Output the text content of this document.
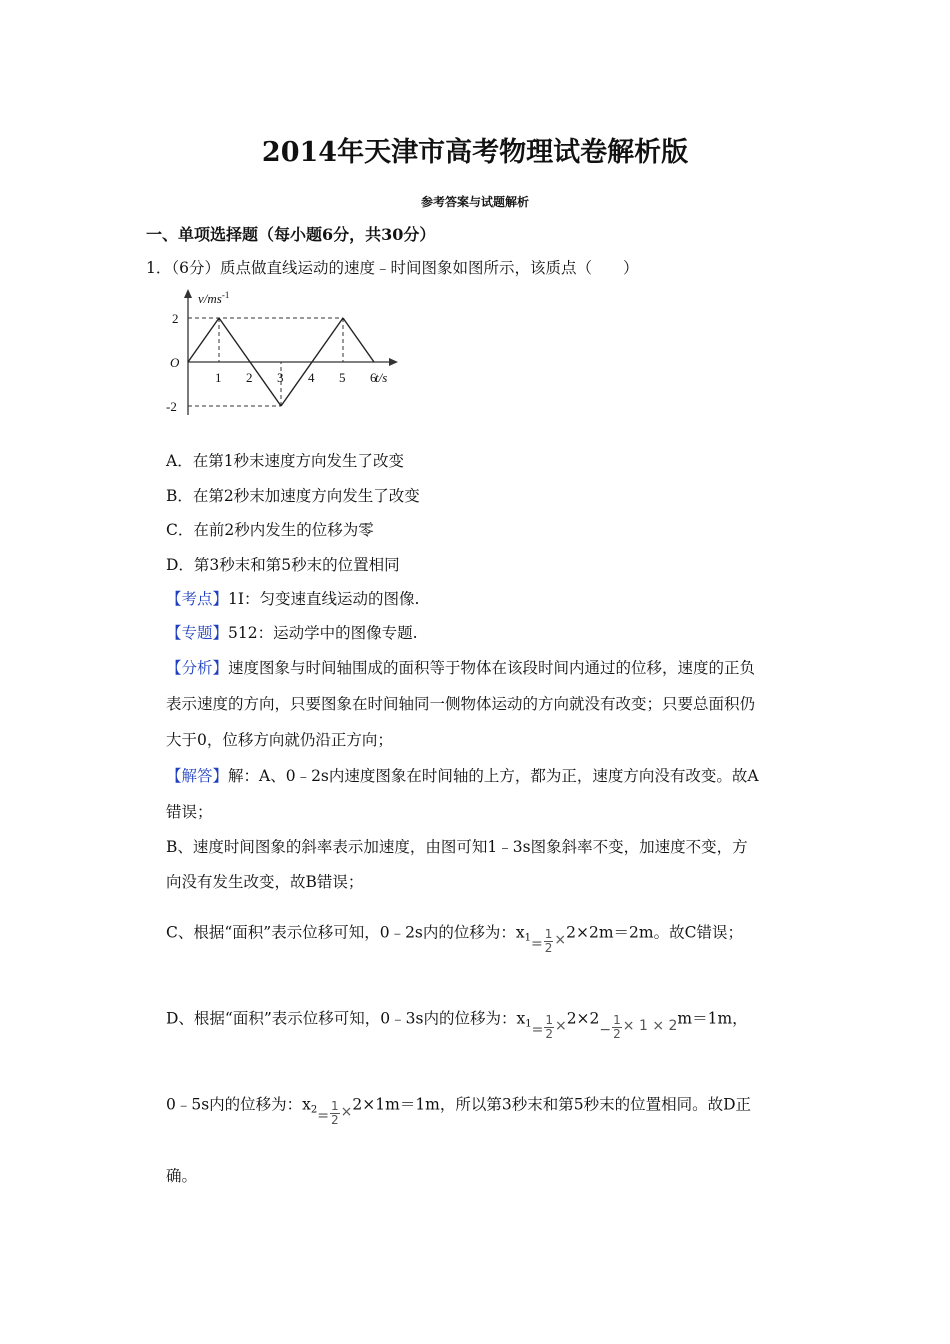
2014年天津市高考物理试卷解析版
参考答案与试题解析
一、单项选择题（每小题6分，共30分）
1．（6分）质点做直线运动的速度﹣时间图象如图所示，该质点（　　）
$v/ms^{-1}$
t/s
O
1 2 3 4 5 6
2
-2
A．在第1秒末速度方向发生了改变
B．在第2秒末加速度方向发生了改变
C．在前2秒内发生的位移为零
D．第3秒末和第5秒末的位置相同
【考点】1I：匀变速直线运动的图像.
【专题】512：运动学中的图像专题.
【分析】速度图象与时间轴围成的面积等于物体在该段时间内通过的位移，速度的正负
表示速度的方向，只要图象在时间轴同一侧物体运动的方向就没有改变；只要总面积仍
大于0，位移方向就仍沿正方向；
【解答】解：A、0﹣2s内速度图象在时间轴的上方，都为正，速度方向没有改变。故A
错误；
B、速度时间图象的斜率表示加速度，由图可知1﹣3s图象斜率不变，加速度不变，方
向没有发生改变，故B错误；
C、根据“面积”表示位移可知，0﹣2s内的位移为：$x_1= \frac{1}{2} \times 2\times 2m=2m$。故C错误；
D、根据“面积”表示位移可知，0﹣3s内的位移为：$x_1= \frac{1}{2} \times 2\times 2- \frac{1}{2} \times 1 \times 2m=1m$，
0﹣5s内的位移为：$x_2= \frac{1}{2} \times 2\times 1m=1m$，所以第3秒末和第5秒末的位置相同。故D正
确。
